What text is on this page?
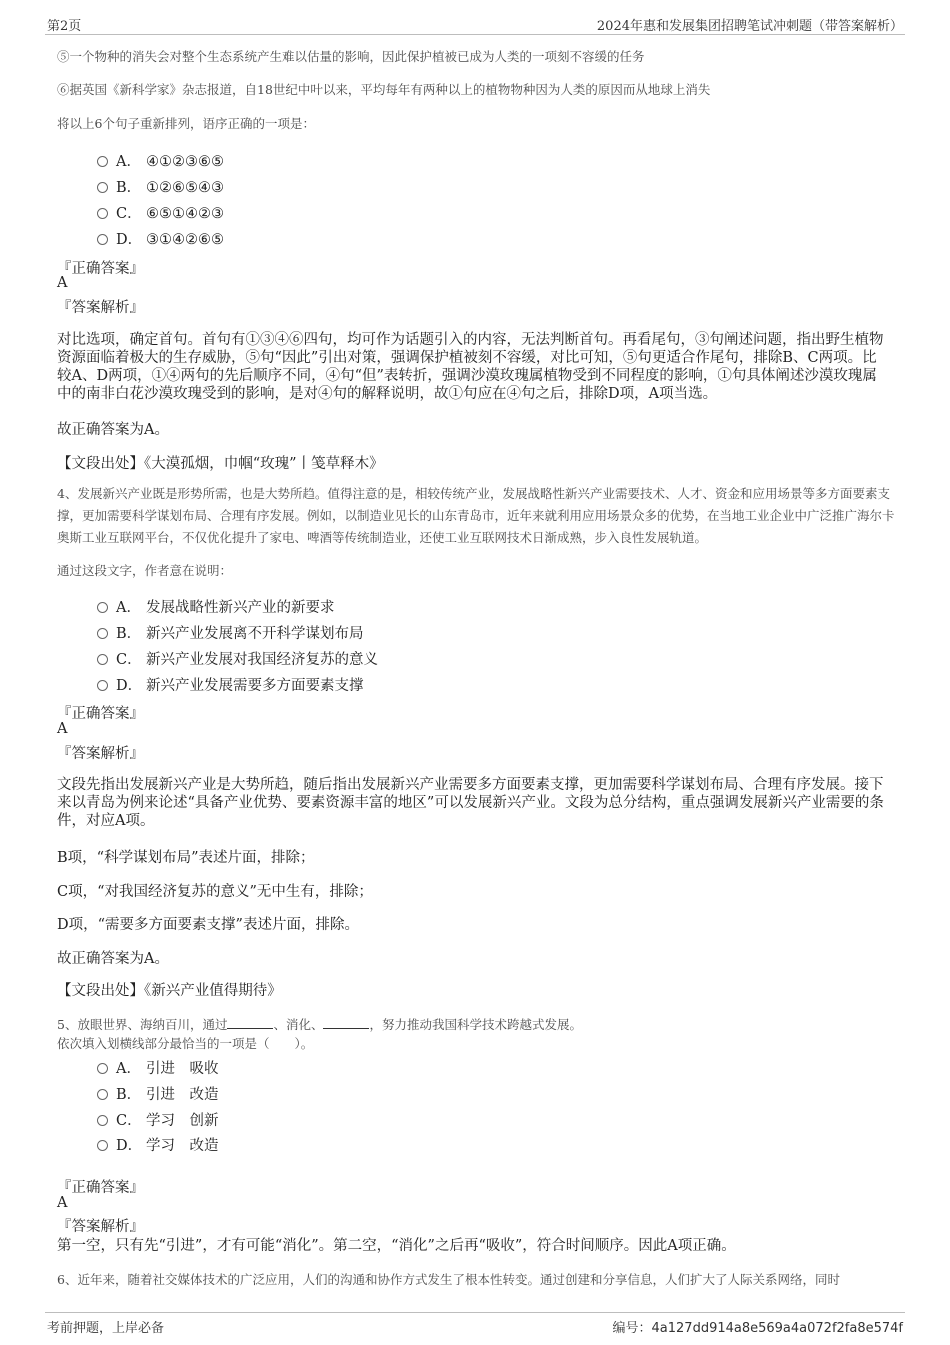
第2页	2024年惠和发展集团招聘笔试冲刺题（带答案解析）
⑤一个物种的消失会对整个生态系统产生难以估量的影响，因此保护植被已成为人类的一项刻不容缓的任务
⑥据英国《新科学家》杂志报道，自18世纪中叶以来，平均每年有两种以上的植物物种因为人类的原因而从地球上消失
将以上6个句子重新排列，语序正确的一项是：
A． ④①②③⑥⑤
B． ①②⑥⑤④③
C． ⑥⑤①④②③
D． ③①④②⑥⑤
『正确答案』
A
『答案解析』
对比选项，确定首句。首句有①③④⑥四句，均可作为话题引入的内容，无法判断首句。再看尾句，③句阐述问题，指出野生植物资源面临着极大的生存威胁，⑤句“因此”引出对策，强调保护植被刻不容缓，对比可知，⑤句更适合作尾句，排除B、C两项。比较A、D两项，①④两句的先后顺序不同，④句“但”表转折，强调沙漠玫瑰属植物受到不同程度的影响，①句具体阐述沙漠玫瑰属中的南非白花沙漠玫瑰受到的影响，是对④句的解释说明，故①句应在④句之后，排除D项，A项当选。
故正确答案为A。
【文段出处】《大漠孤烟，巾帼“玫瑰”丨笺草释木》
4、发展新兴产业既是形势所需，也是大势所趋。值得注意的是，相较传统产业，发展战略性新兴产业需要技术、人才、资金和应用场景等多方面要素支撑，更加需要科学谋划布局、合理有序发展。例如，以制造业见长的山东青岛市，近年来就利用应用场景众多的优势，在当地工业企业中广泛推广海尔卡奥斯工业互联网平台，不仅优化提升了家电、啤酒等传统制造业，还使工业互联网技术日渐成熟，步入良性发展轨道。
通过这段文字，作者意在说明：
A． 发展战略性新兴产业的新要求
B． 新兴产业发展离不开科学谋划布局
C． 新兴产业发展对我国经济复苏的意义
D． 新兴产业发展需要多方面要素支撑
『正确答案』
A
『答案解析』
文段先指出发展新兴产业是大势所趋，随后指出发展新兴产业需要多方面要素支撑，更加需要科学谋划布局、合理有序发展。接下来以青岛为例来论述“具备产业优势、要素资源丰富的地区”可以发展新兴产业。文段为总分结构，重点强调发展新兴产业需要的条件，对应A项。
B项，“科学谋划布局”表述片面，排除；
C项，“对我国经济复苏的意义”无中生有，排除；
D项，“需要多方面要素支撑”表述片面，排除。
故正确答案为A。
【文段出处】《新兴产业值得期待》
5、放眼世界、海纳百川，通过	、消化、	，努力推动我国科学技术跨越式发展。
依次填入划横线部分最恰当的一项是（　　）。
A． 引进　吸收
B． 引进　改造
C． 学习　创新
D． 学习　改造
『正确答案』
A
『答案解析』
第一空，只有先“引进”，才有可能“消化”。第二空，“消化”之后再“吸收”，符合时间顺序。因此A项正确。
6、近年来，随着社交媒体技术的广泛应用，人们的沟通和协作方式发生了根本性转变。通过创建和分享信息，人们扩大了人际关系网络，同时
考前押题，上岸必备	编号：4a127dd914a8e569a4a072f2fa8e574f
